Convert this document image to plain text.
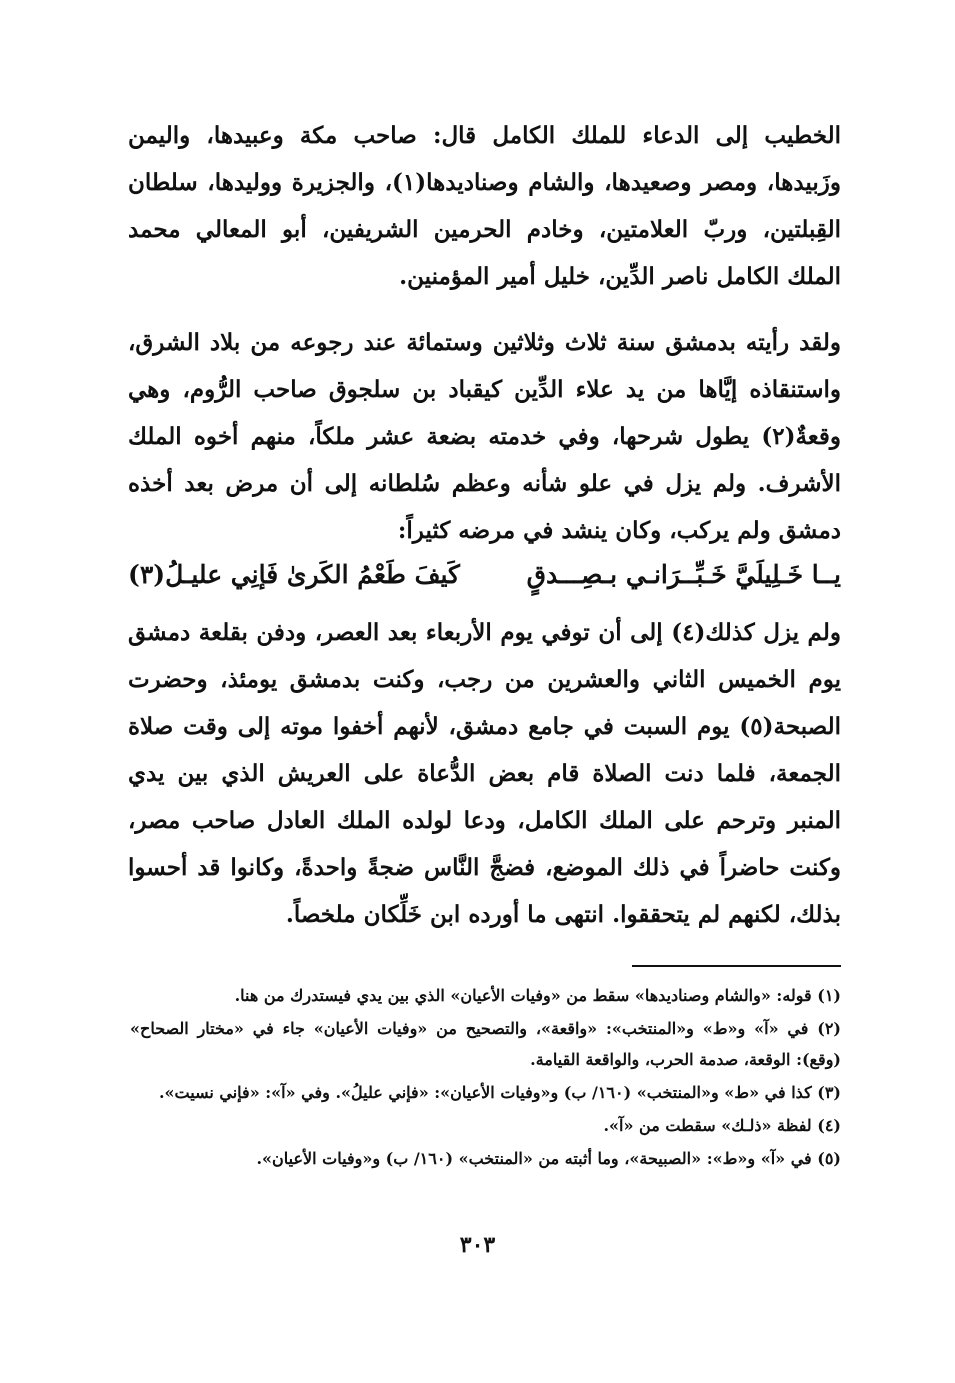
الخطيب إلى الدعاء للملك الكامل قال: صاحب مكة وعبيدها، واليمن وزَبيدها، ومصر وصعيدها، والشام وصناديدها(١)، والجزيرة ووليدها، سلطان القِبلتين، وربّ العلامتين، وخادم الحرمين الشريفين، أبو المعالي محمد الملك الكامل ناصر الدِّين، خليل أمير المؤمنين.

ولقد رأيته بدمشق سنة ثلاث وثلاثين وستمائة عند رجوعه من بلاد الشرق، واستنقاذه إيَّاها من يد علاء الدِّين كيقباد بن سلجوق صاحب الرُّوم، وهي وقعةٌ(٢) يطول شرحها، وفي خدمته بضعة عشر ملكاً، منهم أخوه الملك الأشرف. ولم يزل في علو شأنه وعظم سُلطانه إلى أن مرض بعد أخذه دمشق ولم يركب، وكان ينشد في مرضه كثيراً:

يــا خَـلِيلَيَّ خَـبِّــرَانـي بـصِـــدقٍ
كَيفَ طَعْمُ الكَرىٰ فَإنِي عليـلُ(٣)

ولم يزل كذلك(٤) إلى أن توفي يوم الأربعاء بعد العصر، ودفن بقلعة دمشق يوم الخميس الثاني والعشرين من رجب، وكنت بدمشق يومئذ، وحضرت الصبحة(٥) يوم السبت في جامع دمشق، لأنهم أخفوا موته إلى وقت صلاة الجمعة، فلما دنت الصلاة قام بعض الدُّعاة على العريش الذي بين يدي المنبر وترحم على الملك الكامل، ودعا لولده الملك العادل صاحب مصر، وكنت حاضراً في ذلك الموضع، فضجَّ النَّاس ضجةً واحدةً، وكانوا قد أحسوا بذلك، لكنهم لم يتحققوا. انتهى ما أورده ابن خَلِّكان ملخصاً.

(١) قوله: «والشام وصناديدها» سقط من «وفيات الأعيان» الذي بين يدي فيستدرك من هنا.

(٢) في «آ» و«ط» و«المنتخب»: «واقعة»، والتصحيح من «وفيات الأعيان» جاء في «مختار الصحاح» (وقع): الوقعة، صدمة الحرب، والواقعة القيامة.

(٣) كذا في «ط» و«المنتخب» (١٦٠/ ب) و«وفيات الأعيان»: «فإني عليلُ». وفي «آ»: «فإني نسيت».

(٤) لفظة «ذلـك» سقطت من «آ».

(٥) في «آ» و«ط»: «الصبيحة»، وما أثبته من «المنتخب» (١٦٠/ ب) و«وفيات الأعيان».

٣٠٣
